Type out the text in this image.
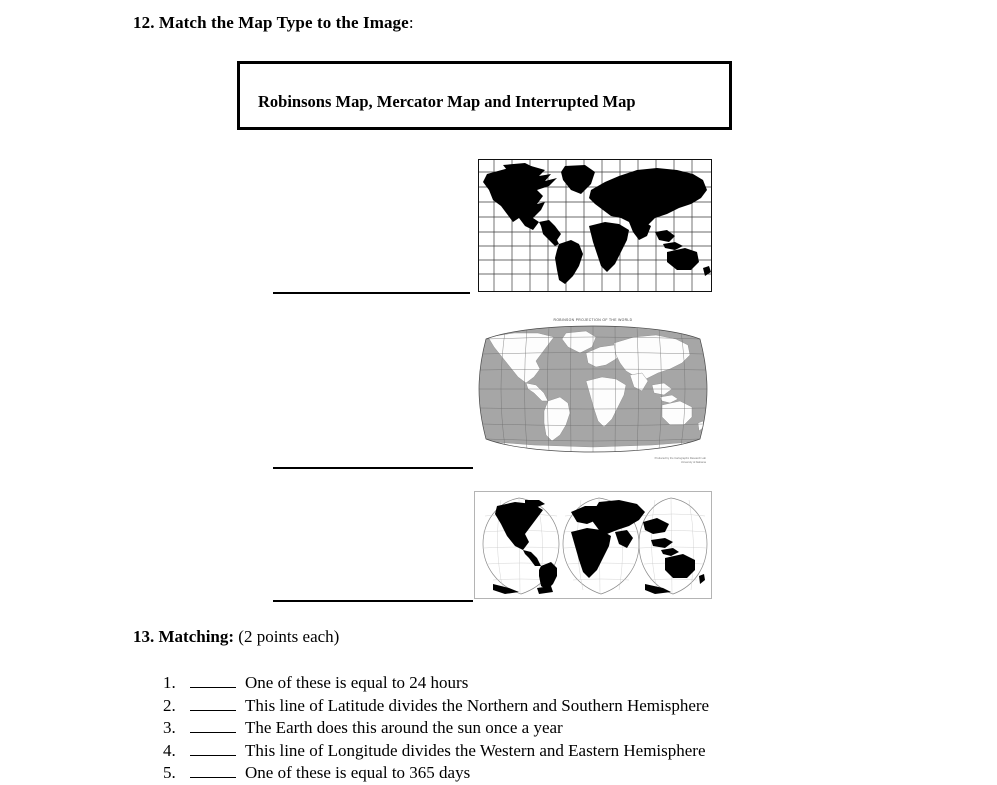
12. Match the Map Type to the Image:
Robinsons Map, Mercator Map and Interrupted Map
ROBINSON PROJECTION OF THE WORLD
Produced by the Cartographic Research Lab
University of Alabama
13. Matching: (2 points each)
1.	One of these is equal to 24 hours
2.	This line of Latitude divides the Northern and Southern Hemisphere
3.	The Earth does this around the sun once a year
4.	This line of Longitude divides the Western and Eastern Hemisphere
5.	One of these is equal to 365 days
